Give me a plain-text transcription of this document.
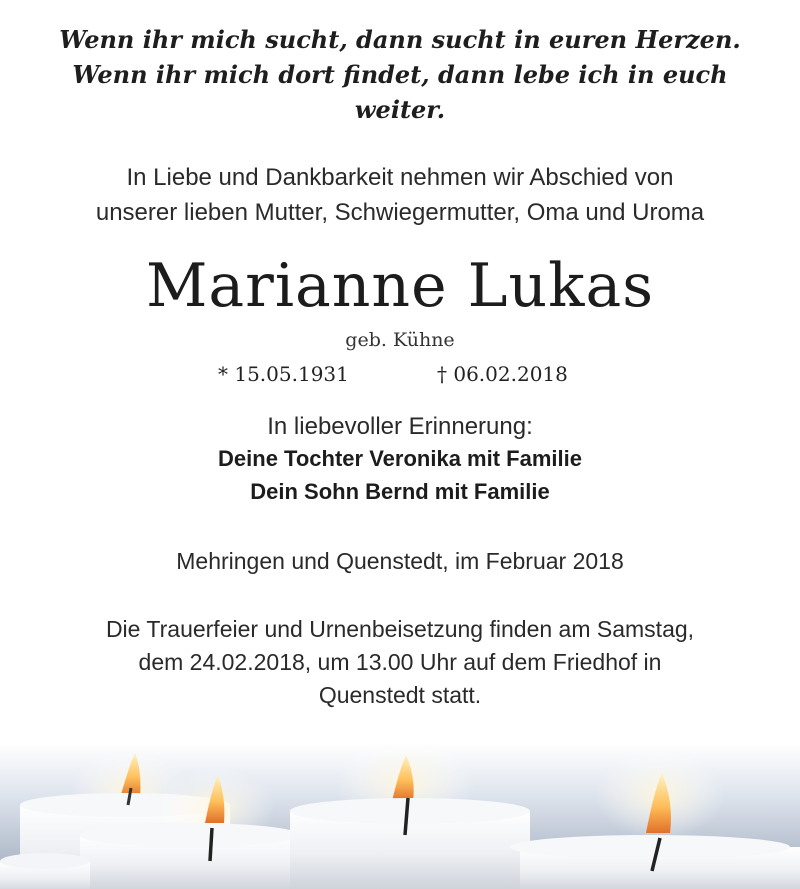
Wenn ihr mich sucht, dann sucht in euren Herzen.
Wenn ihr mich dort findet, dann lebe ich in euch
weiter.

In Liebe und Dankbarkeit nehmen wir Abschied von
unserer lieben Mutter, Schwiegermutter, Oma und Uroma

Marianne Lukas
geb. Kühne
* 15.05.1931	† 06.02.2018
In liebevoller Erinnerung:
Deine Tochter Veronika mit Familie
Dein Sohn Bernd mit Familie
Mehringen und Quenstedt, im Februar 2018
Die Trauerfeier und Urnenbeisetzung finden am Samstag,
dem 24.02.2018, um 13.00 Uhr auf dem Friedhof in
Quenstedt statt.
